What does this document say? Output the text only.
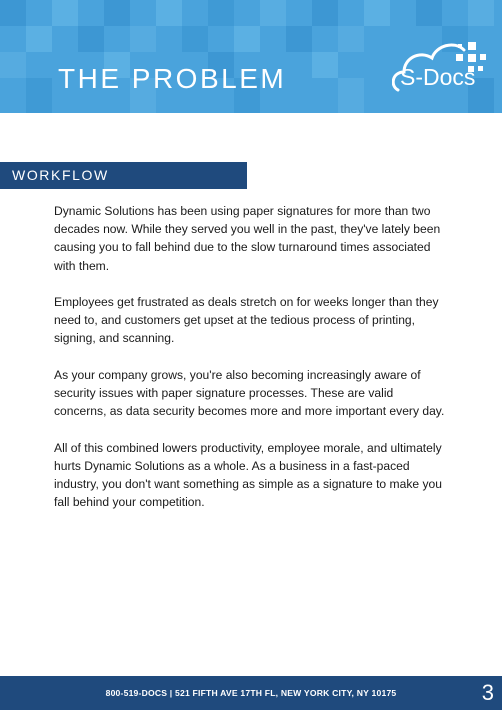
THE PROBLEM	S-Docs
WORKFLOW INEFFICIENCIES

Dynamic Solutions has been using paper signatures for more than two decades now. While they served you well in the past, they've lately been causing you to fall behind due to the slow turnaround times associated with them.

Employees get frustrated as deals stretch on for weeks longer than they need to, and customers get upset at the tedious process of printing, signing, and scanning.

As your company grows, you're also becoming increasingly aware of security issues with paper signature processes. These are valid concerns, as data security becomes more and more important every day.

All of this combined lowers productivity, employee morale, and ultimately hurts Dynamic Solutions as a whole. As a business in a fast-paced industry, you don't want something as simple as a signature to make you fall behind your competition.

800-519-DOCS | 521 FIFTH AVE 17TH FL, NEW YORK CITY, NY 10175	3
